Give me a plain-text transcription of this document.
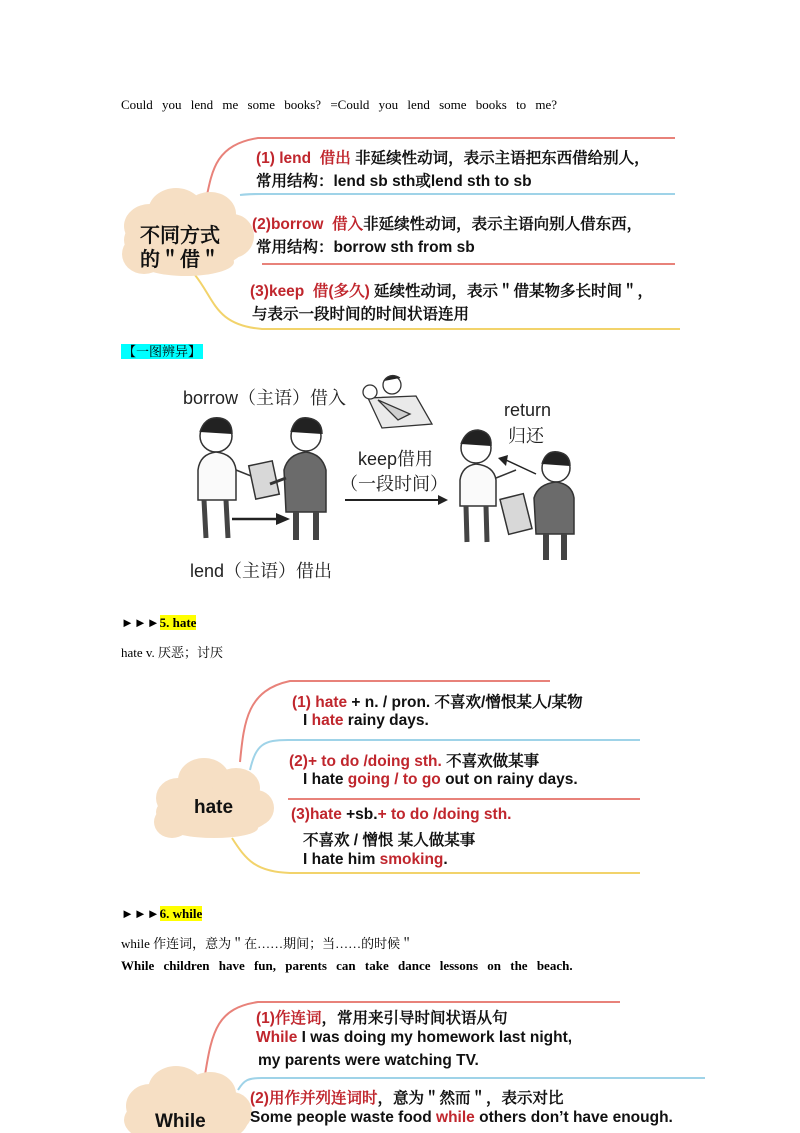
Could you lend me some books? =Could you lend some books to me?
不同方式
的＂借＂
(1) lend 借出 非延续性动词，表示主语把东西借给别人，
常用结构：lend sb sth或lend sth to sb
(2)borrow 借入非延续性动词，表示主语向别人借东西，
常用结构：borrow sth from sb
(3)keep 借(多久) 延续性动词，表示＂借某物多长时间＂，
与表示一段时间的时间状语连用
【一图辨异】
borrow（主语）借入
keep借用
（一段时间）
return
归还
lend（主语）借出
►►►5. hate
hate v. 厌恶；讨厌
hate
(1) hate + n. / pron. 不喜欢/憎恨某人/某物
I hate rainy days.
(2)+ to do /doing sth. 不喜欢做某事
I hate going / to go out on rainy days.
(3)hate +sb.+ to do /doing sth.
不喜欢 / 憎恨 某人做某事
I hate him smoking.
►►►6. while
while 作连词，意为＂在……期间；当……的时候＂
While children have fun, parents can take dance lessons on the beach.
While
(1)作连词，常用来引导时间状语从句
While I was doing my homework last night,
my parents were watching TV.
(2)用作并列连词时，意为＂然而＂，表示对比
Some people waste food while others don’t have enough.
